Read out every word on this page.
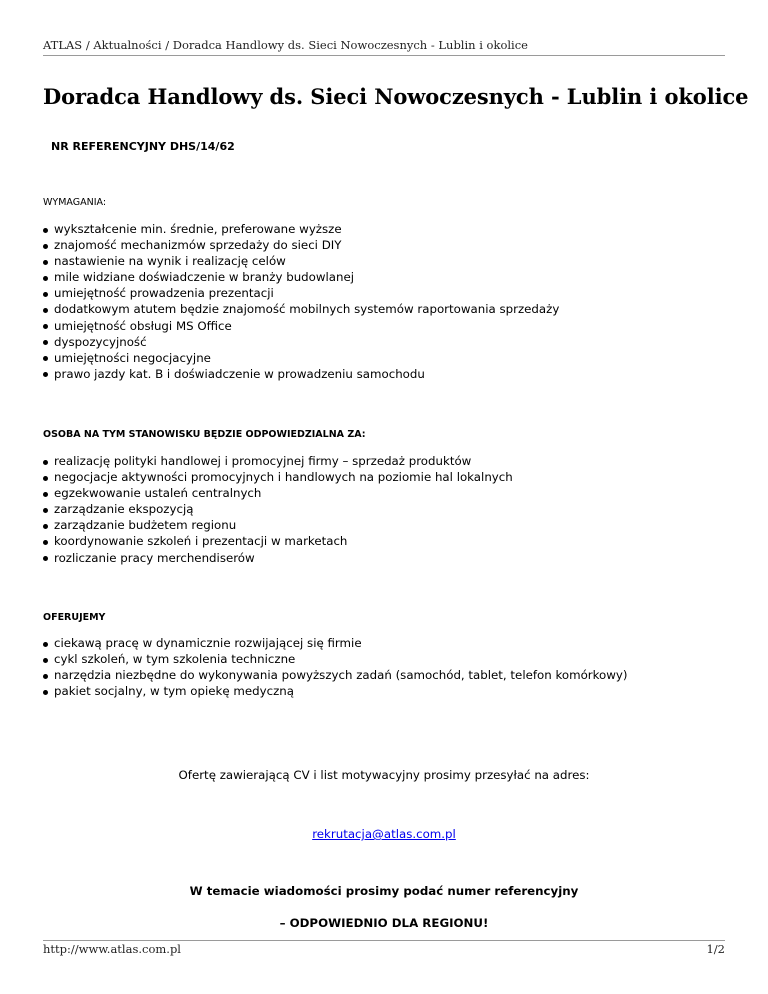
ATLAS / Aktualności / Doradca Handlowy ds. Sieci Nowoczesnych - Lublin i okolice
Doradca Handlowy ds. Sieci Nowoczesnych - Lublin i okolice
NR REFERENCYJNY DHS/14/62
WYMAGANIA:
wykształcenie min. średnie, preferowane wyższe
znajomość mechanizmów sprzedaży do sieci DIY
nastawienie na wynik i realizację celów
mile widziane doświadczenie w branży budowlanej
umiejętność prowadzenia prezentacji
dodatkowym atutem będzie znajomość mobilnych systemów raportowania sprzedaży
umiejętność obsługi MS Office
dyspozycyjność
umiejętności negocjacyjne
prawo jazdy kat. B i doświadczenie w prowadzeniu samochodu
OSOBA NA TYM STANOWISKU BĘDZIE ODPOWIEDZIALNA ZA:
realizację polityki handlowej i promocyjnej firmy – sprzedaż produktów
negocjacje aktywności promocyjnych i handlowych na poziomie hal lokalnych
egzekwowanie ustaleń centralnych
zarządzanie ekspozycją
zarządzanie budżetem regionu
koordynowanie szkoleń i prezentacji w marketach
rozliczanie pracy merchendiserów
OFERUJEMY
ciekawą pracę w dynamicznie rozwijającej się firmie
cykl szkoleń, w tym szkolenia techniczne
narzędzia niezbędne do wykonywania powyższych zadań (samochód, tablet, telefon komórkowy)
pakiet socjalny, w tym opiekę medyczną
Ofertę zawierającą CV i list motywacyjny prosimy przesyłać na adres:
rekrutacja@atlas.com.pl
W temacie wiadomości prosimy podać numer referencyjny
– ODPOWIEDNIO DLA REGIONU!
http://www.atlas.com.pl	1/2
